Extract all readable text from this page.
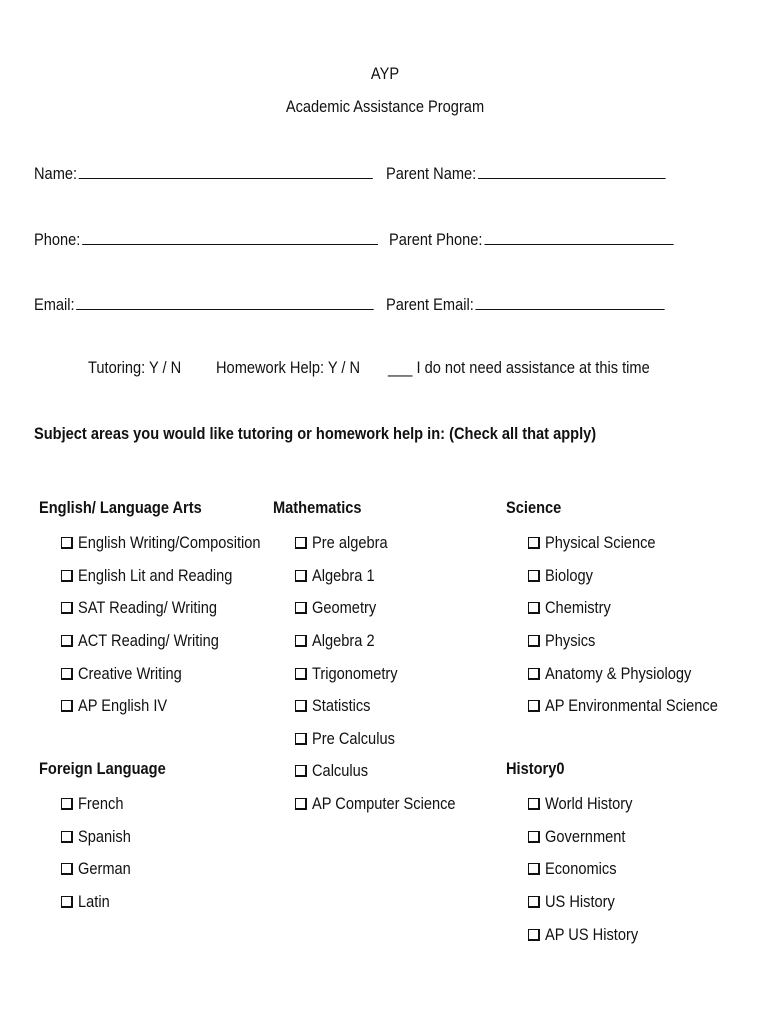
AYP
Academic Assistance Program
Name:	Parent Name:
Phone:	Parent Phone:
Email:	Parent Email:
Tutoring: Y / N	Homework Help: Y / N	___ I do not need assistance at this time
Subject areas you would like tutoring or homework help in: (Check all that apply)
English/ Language Arts
English Writing/Composition
English Lit and Reading
SAT Reading/ Writing
ACT Reading/ Writing
Creative Writing
AP English IV
Foreign Language
French
Spanish
German
Latin
Mathematics
Pre algebra
Algebra 1
Geometry
Algebra 2
Trigonometry
Statistics
Pre Calculus
Calculus
AP Computer Science
Science
Physical Science
Biology
Chemistry
Physics
Anatomy & Physiology
AP Environmental Science
History0
World History
Government
Economics
US History
AP US History
